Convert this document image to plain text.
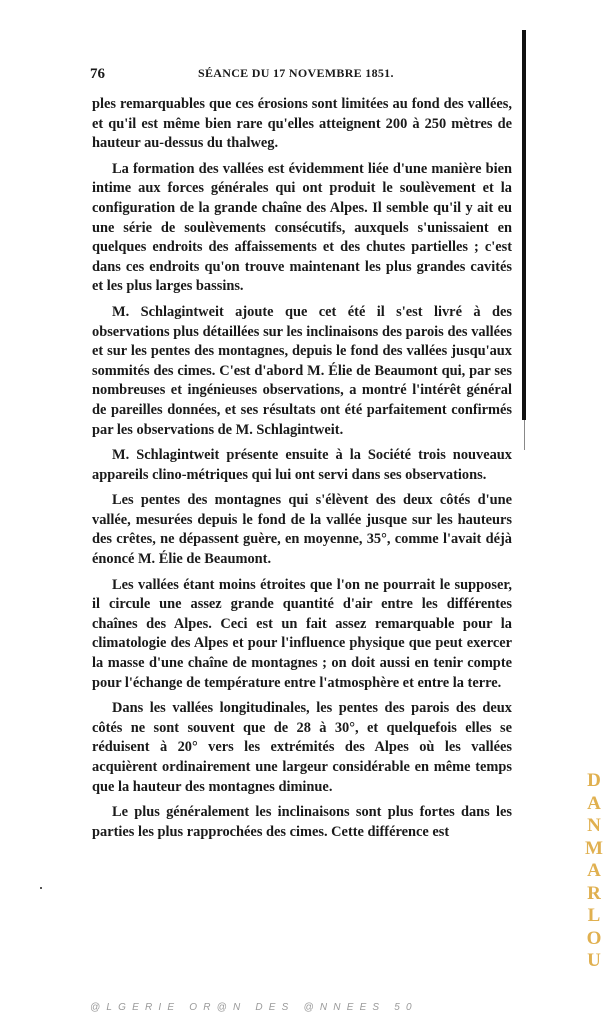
76	SÉANCE DU 17 NOVEMBRE 1851.

ples remarquables que ces érosions sont limitées au fond des vallées, et qu'il est même bien rare qu'elles atteignent 200 à 250 mètres de hauteur au-dessus du thalweg.

La formation des vallées est évidemment liée d'une manière bien intime aux forces générales qui ont produit le soulèvement et la configuration de la grande chaîne des Alpes. Il semble qu'il y ait eu une série de soulèvements consécutifs, auxquels s'unissaient en quelques endroits des affaissements et des chutes partielles ; c'est dans ces endroits qu'on trouve maintenant les plus grandes cavités et les plus larges bassins.

M. Schlagintweit ajoute que cet été il s'est livré à des observations plus détaillées sur les inclinaisons des parois des vallées et sur les pentes des montagnes, depuis le fond des vallées jusqu'aux sommités des cimes. C'est d'abord M. Élie de Beaumont qui, par ses nombreuses et ingénieuses observations, a montré l'intérêt général de pareilles données, et ses résultats ont été parfaitement confirmés par les observations de M. Schlagintweit.

M. Schlagintweit présente ensuite à la Société trois nouveaux appareils clino-métriques qui lui ont servi dans ses observations.

Les pentes des montagnes qui s'élèvent des deux côtés d'une vallée, mesurées depuis le fond de la vallée jusque sur les hauteurs des crêtes, ne dépassent guère, en moyenne, 35°, comme l'avait déjà énoncé M. Élie de Beaumont.

Les vallées étant moins étroites que l'on ne pourrait le supposer, il circule une assez grande quantité d'air entre les différentes chaînes des Alpes. Ceci est un fait assez remarquable pour la climatologie des Alpes et pour l'influence physique que peut exercer la masse d'une chaîne de montagnes ; on doit aussi en tenir compte pour l'échange de température entre l'atmosphère et entre la terre.

Dans les vallées longitudinales, les pentes des parois des deux côtés ne sont souvent que de 28 à 30°, et quelquefois elles se réduisent à 20° vers les extrémités des Alpes où les vallées acquièrent ordinairement une largeur considérable en même temps que la hauteur des montagnes diminue.

Le plus généralement les inclinaisons sont plus fortes dans les parties les plus rapprochées des cimes. Cette différence est

D
A
N
M
A
R
L
O
U
@LGERIE OR@N DES @NNEES 50
